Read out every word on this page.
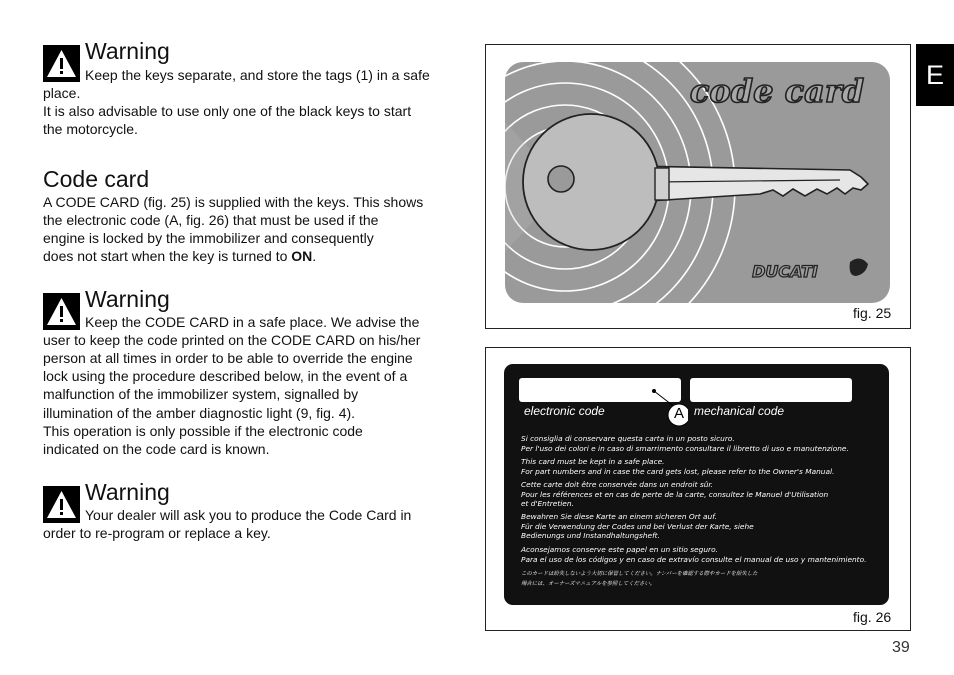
Warning
Keep the keys separate, and store the tags (1) in a safe
place.
It is also advisable to use only one of the black keys to start
the motorcycle.
Code card
A CODE CARD (fig. 25) is supplied with the keys. This shows
the electronic code (A, fig. 26) that must be used if the
engine is locked by the immobilizer and consequently
does not start when the key is turned to ON.
Warning
Keep the CODE CARD in a safe place. We advise the
user to keep the code printed on the CODE CARD on his/her
person at all times in order to be able to override the engine
lock using the procedure described below, in the event of a
malfunction of the immobilizer system, signalled by
illumination of the amber diagnostic light (9, fig. 4).
This operation is only possible if the electronic code
indicated on the code card is known.
Warning
Your dealer will ask you to produce the Code Card in
order to re-program or replace a key.
E
code card
DUCATI
fig. 25
electronic code	mechanical code
A
Si consiglia di conservare questa carta in un posto sicuro.
Per l'uso dei colori e in caso di smarrimento consultare il libretto di uso e manutenzione.
This card must be kept in a safe place.
For part numbers and in case the card gets lost, please refer to the Owner's Manual.
Cette carte doit être conservée dans un endroit sûr.
Pour les références et en cas de perte de la carte, consultez le Manuel d'Utilisation
et d'Entretien.
Bewahren Sie diese Karte an einem sicheren Ort auf.
Für die Verwendung der Codes und bei Verlust der Karte, siehe
Bedienungs und Instandhaltungsheft.
Aconsejamos conserve este papel en un sitio seguro.
Para el uso de los códigos y en caso de extravío consulte el manual de uso y mantenimiento.
このカードは紛失しないよう大切に保管してください。ナンバーを確認する際やカードを紛失した
場合には、オーナーズマニュアルを参照してください。
fig. 26
39
